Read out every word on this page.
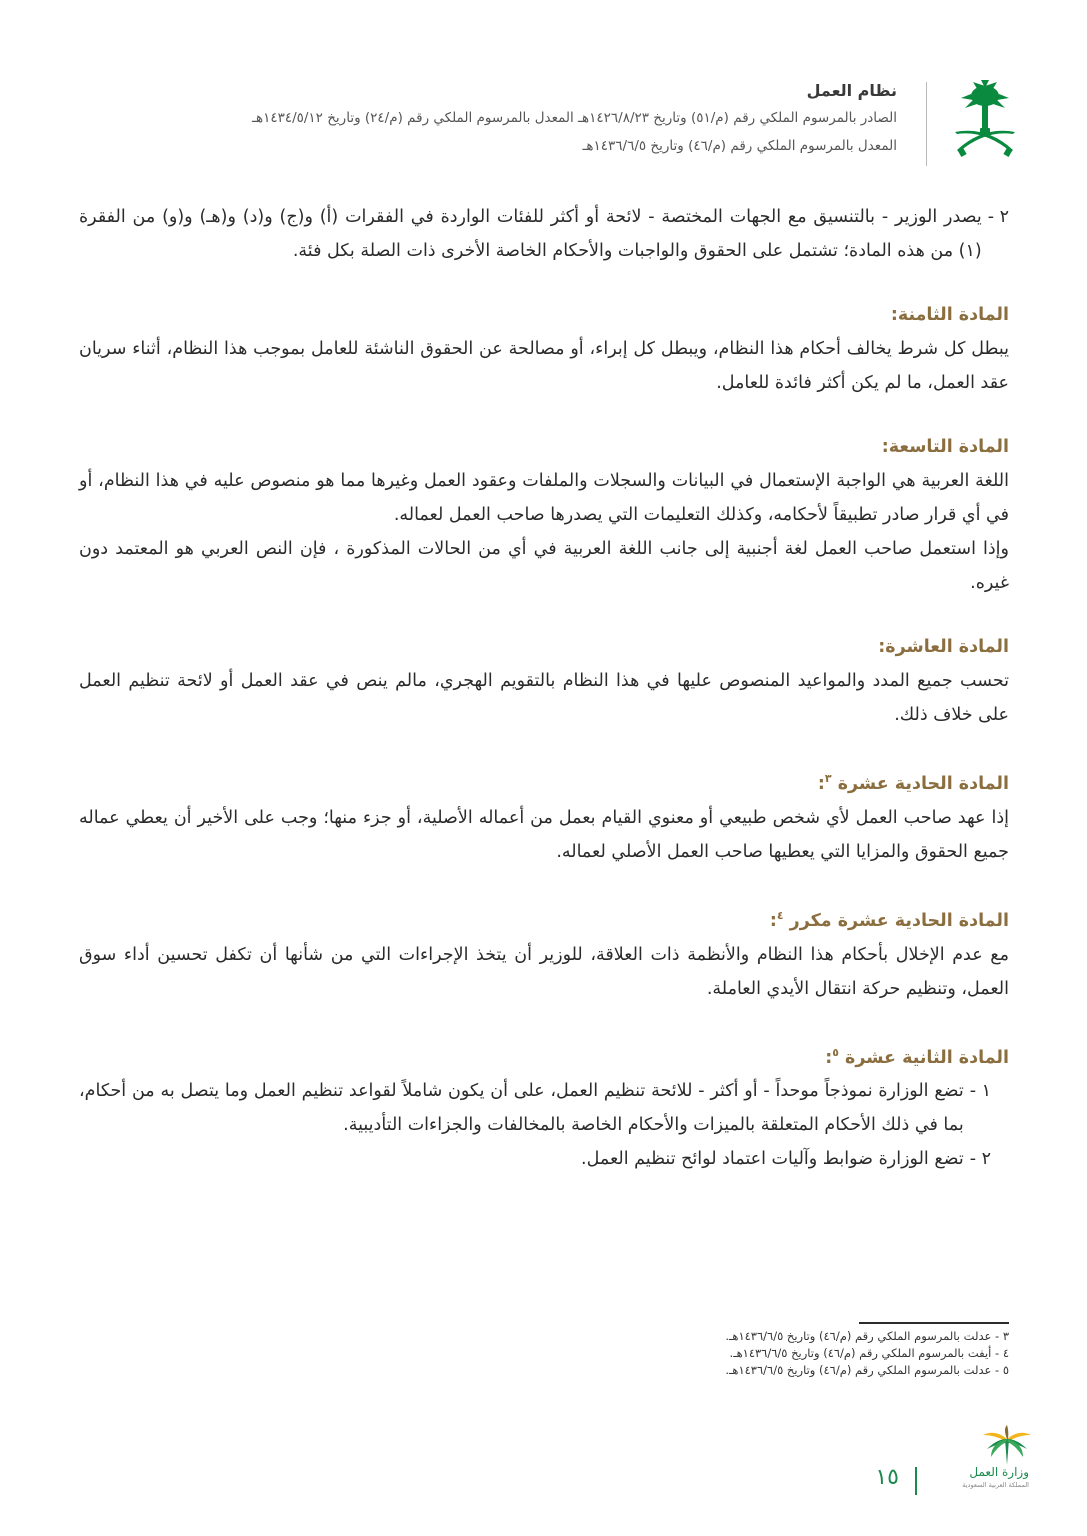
نظام العمل
الصادر بالمرسوم الملكي رقم (م/٥١) وتاريخ ١٤٢٦/٨/٢٣هـ المعدل بالمرسوم الملكي رقم (م/٢٤) وتاريخ ١٤٣٤/٥/١٢هـ
المعدل بالمرسوم الملكي رقم (م/٤٦) وتاريخ ١٤٣٦/٦/٥هـ
٢ -
يصدر الوزير - بالتنسيق مع الجهات المختصة - لائحة أو أكثر للفئات الواردة في الفقرات (أ) و(ج) و(د) و(هـ) و(و) من الفقرة (١) من هذه المادة؛ تشتمل على الحقوق والواجبات والأحكام الخاصة الأخرى ذات الصلة بكل فئة.
المادة الثامنة:

يبطل كل شرط يخالف أحكام هذا النظام، ويبطل كل إبراء، أو مصالحة عن الحقوق الناشئة للعامل بموجب هذا النظام، أثناء سريان عقد العمل، ما لم يكن أكثر فائدة للعامل.

المادة التاسعة:

اللغة العربية هي الواجبة الإستعمال في البيانات والسجلات والملفات وعقود العمل وغيرها مما هو منصوص عليه في هذا النظام، أو في أي قرار صادر تطبيقاً لأحكامه، وكذلك التعليمات التي يصدرها صاحب العمل لعماله.

وإذا استعمل صاحب العمل لغة أجنبية إلى جانب اللغة العربية في أي من الحالات المذكورة ، فإن النص العربي هو المعتمد دون غيره.

المادة العاشرة:

تحسب جميع المدد والمواعيد المنصوص عليها في هذا النظام بالتقويم الهجري، مالم ينص في عقد العمل أو لائحة تنظيم العمل على خلاف ذلك.

المادة الحادية عشرة $^٣$:

إذا عهد صاحب العمل لأي شخص طبيعي أو معنوي القيام بعمل من أعماله الأصلية، أو جزء منها؛ وجب على الأخير أن يعطي عماله جميع الحقوق والمزايا التي يعطيها صاحب العمل الأصلي لعماله.

المادة الحادية عشرة مكرر $^٤$:

مع عدم الإخلال بأحكام هذا النظام والأنظمة ذات العلاقة، للوزير أن يتخذ الإجراءات التي من شأنها أن تكفل تحسين أداء سوق العمل، وتنظيم حركة انتقال الأيدي العاملة.

المادة الثانية عشرة $^٥$:
١ -
تضع الوزارة نموذجاً موحداً - أو أكثر - للائحة تنظيم العمل، على أن يكون شاملاً لقواعد تنظيم العمل وما يتصل به من أحكام، بما في ذلك الأحكام المتعلقة بالميزات والأحكام الخاصة بالمخالفات والجزاءات التأديبية.
٢ -
تضع الوزارة ضوابط وآليات اعتماد لوائح تنظيم العمل.
٣ - عدلت بالمرسوم الملكي رقم (م/٤٦) وتاريخ ١٤٣٦/٦/٥هـ.
٤ - أيفت بالمرسوم الملكي رقم (م/٤٦) وتاريخ ١٤٣٦/٦/٥هـ.
٥ - عدلت بالمرسوم الملكي رقم (م/٤٦) وتاريخ ١٤٣٦/٦/٥هـ.
وزارة العمل
المملكة العربية السعودية
١٥
